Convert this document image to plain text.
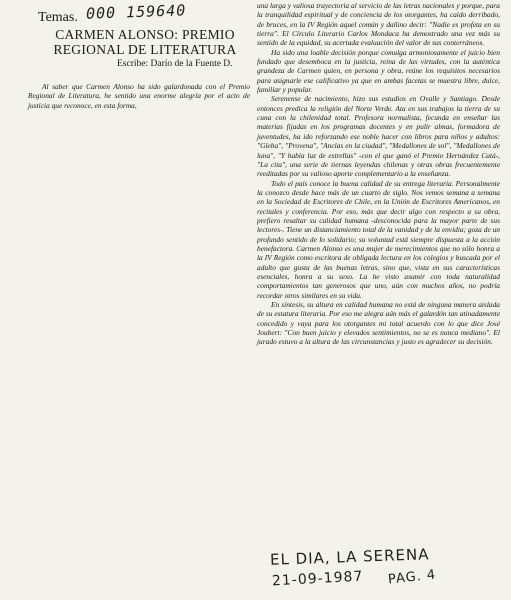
000 159640
Temas.
CARMEN ALONSO: PREMIO REGIONAL DE LITERATURA
Escribe: Darío de la Fuente D.

Al saber que Carmen Alonso ha sido galardonada con el Premio Regional de Literatura, he sentido una enorme alegría por el acto de justicia que reconoce, en esta forma,

una larga y valiosa trayectoria al servicio de las letras nacionales y porque, para la tranquilidad espiritual y de conciencia de los otorgantes, ha caído derribado, de bruces, en la IV Región aquel común y dañino decir: "Nadie es profeta en su tierra". El Círculo Literario Carlos Mondaca ha demostrado una vez más su sentido de la equidad, su acertada evaluación del valor de sus conterráneos.

Ha sido una loable decisión porque comulga armoniosamente el juicio bien fundado que desemboca en la justicia, reina de las virtudes, con la auténtica grandeza de Carmen quien, en persona y obra, reúne los requisitos necesarios para asignarle ese calificativo ya que en ambas facetas se muestra libre, dulce, familiar y popular.

Serenense de nacimiento, hizo sus estudios en Ovalle y Santiago. Desde entonces predica la religión del Norte Verde. Ata en sus trabajos la tierra de su cuna con la chilenidad total. Profesora normalista, fecunda en enseñar las materias fijadas en los programas docentes y en pulir almas, formadora de juventudes, ha ido reforzando ese noble hacer con libros para niños y adultos: "Gleba", "Provena", "Anclas en la ciudad", "Medallones de sol", "Medallones de luna", "Y había luz de estrellas" -con el que ganó el Premio Hernández Catá-, "La cita", una serie de tiernas leyendas chilenas y otras obras frecuentemente reeditadas por su valioso aporte complementario a la enseñanza.

Todo el país conoce la buena calidad de su entrega literaria. Personalmente la conozco desde hace más de un cuarto de siglo. Nos vemos semana a semana en la Sociedad de Escritores de Chile, en la Unión de Escritores Americanos, en recitales y conferencia. Por eso, más que decir algo con respecto a su obra, prefiero resaltar su calidad humana -desconocida para la mayor parte de sus lectores-. Tiene un distanciamiento total de la vanidad y de la envidia; goza de un profundo sentido de lo solidario; su voluntad está siempre dispuesta a la acción benefactora. Carmen Alonso es una mujer de merecimientos que no sólo honra a la IV Región como escritora de obligada lectura en los colegios y buscada por el adulto que gusta de las buenas letras, sino que, vista en sus características esenciales, honra a su sexo. La he visto asumir con toda naturalidad comportamientos tan generosos que uno, aún con muchos años, no podría recordar otros similares en su vida.

En síntesis, su altura en calidad humana no está de ninguna manera aislada de su estatura literaria. Por eso me alegra aún más el galardón tan atinadamente concedido y vaya para los otorgantes mi total acuerdo con lo que dice José Joubert: "Con buen juicio y elevados sentimientos, no se es nunca mediano". El jurado estuvo a la altura de las circunstancias y justo es agradecer su decisión.

EL DIA, LA SERENA
21-09-1987 PAG. 4
